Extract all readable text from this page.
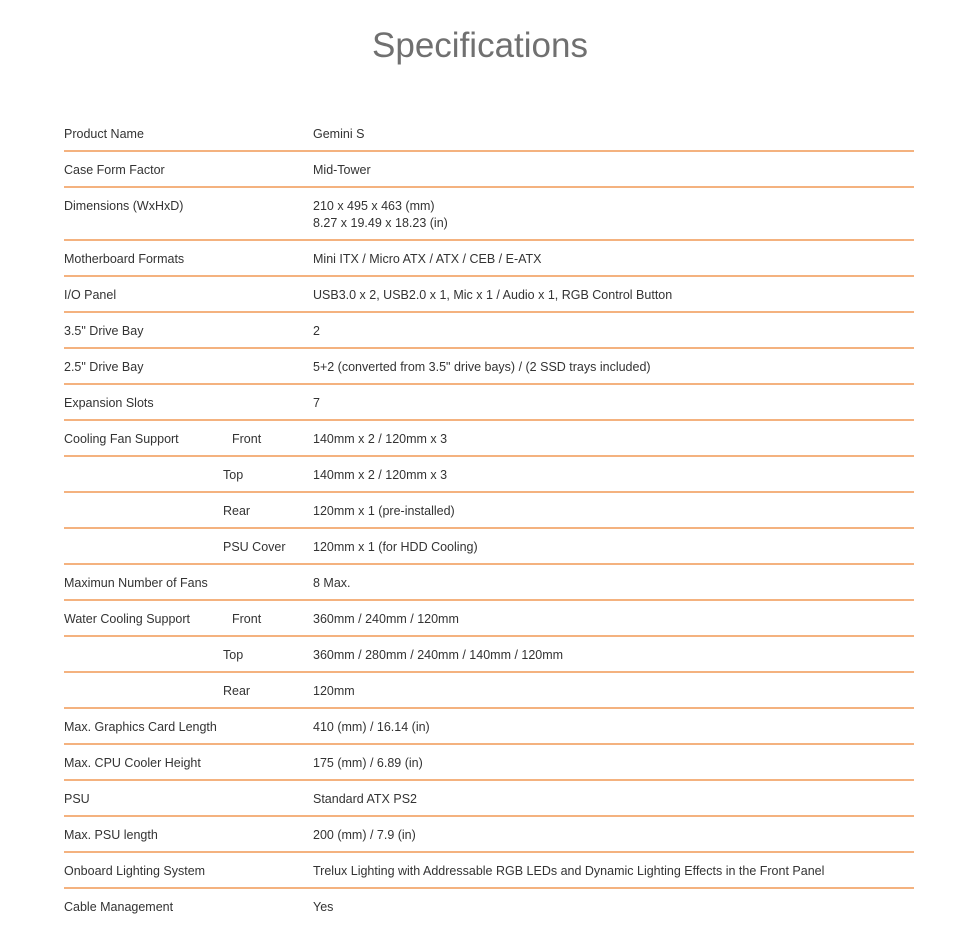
Specifications
Product Name	Gemini S
Case Form Factor	Mid-Tower
Dimensions (WxHxD)	210 x 495 x 463 (mm)
8.27 x 19.49 x 18.23 (in)
Motherboard Formats	Mini ITX / Micro ATX / ATX / CEB / E-ATX
I/O Panel	USB3.0 x 2, USB2.0 x 1, Mic x 1 / Audio x 1, RGB Control Button
3.5" Drive Bay	2
2.5" Drive Bay	5+2 (converted from 3.5" drive bays) / (2 SSD trays included)
Expansion Slots	7
Cooling Fan Support	Front	140mm x 2 / 120mm x 3
Top	140mm x 2 / 120mm x 3
Rear	120mm x 1 (pre-installed)
PSU Cover 120mm x 1 (for HDD Cooling)
Maximun Number of Fans	8 Max.
Water Cooling Support	Front	360mm / 240mm / 120mm
Top	360mm / 280mm / 240mm / 140mm / 120mm
Rear	120mm
Max. Graphics Card Length	410 (mm) / 16.14 (in)
Max. CPU Cooler Height	175 (mm) / 6.89 (in)
PSU	Standard ATX PS2
Max. PSU length	200 (mm) / 7.9 (in)
Onboard Lighting System	Trelux Lighting with Addressable RGB LEDs and Dynamic Lighting Effects in the Front Panel
Cable Management	Yes
